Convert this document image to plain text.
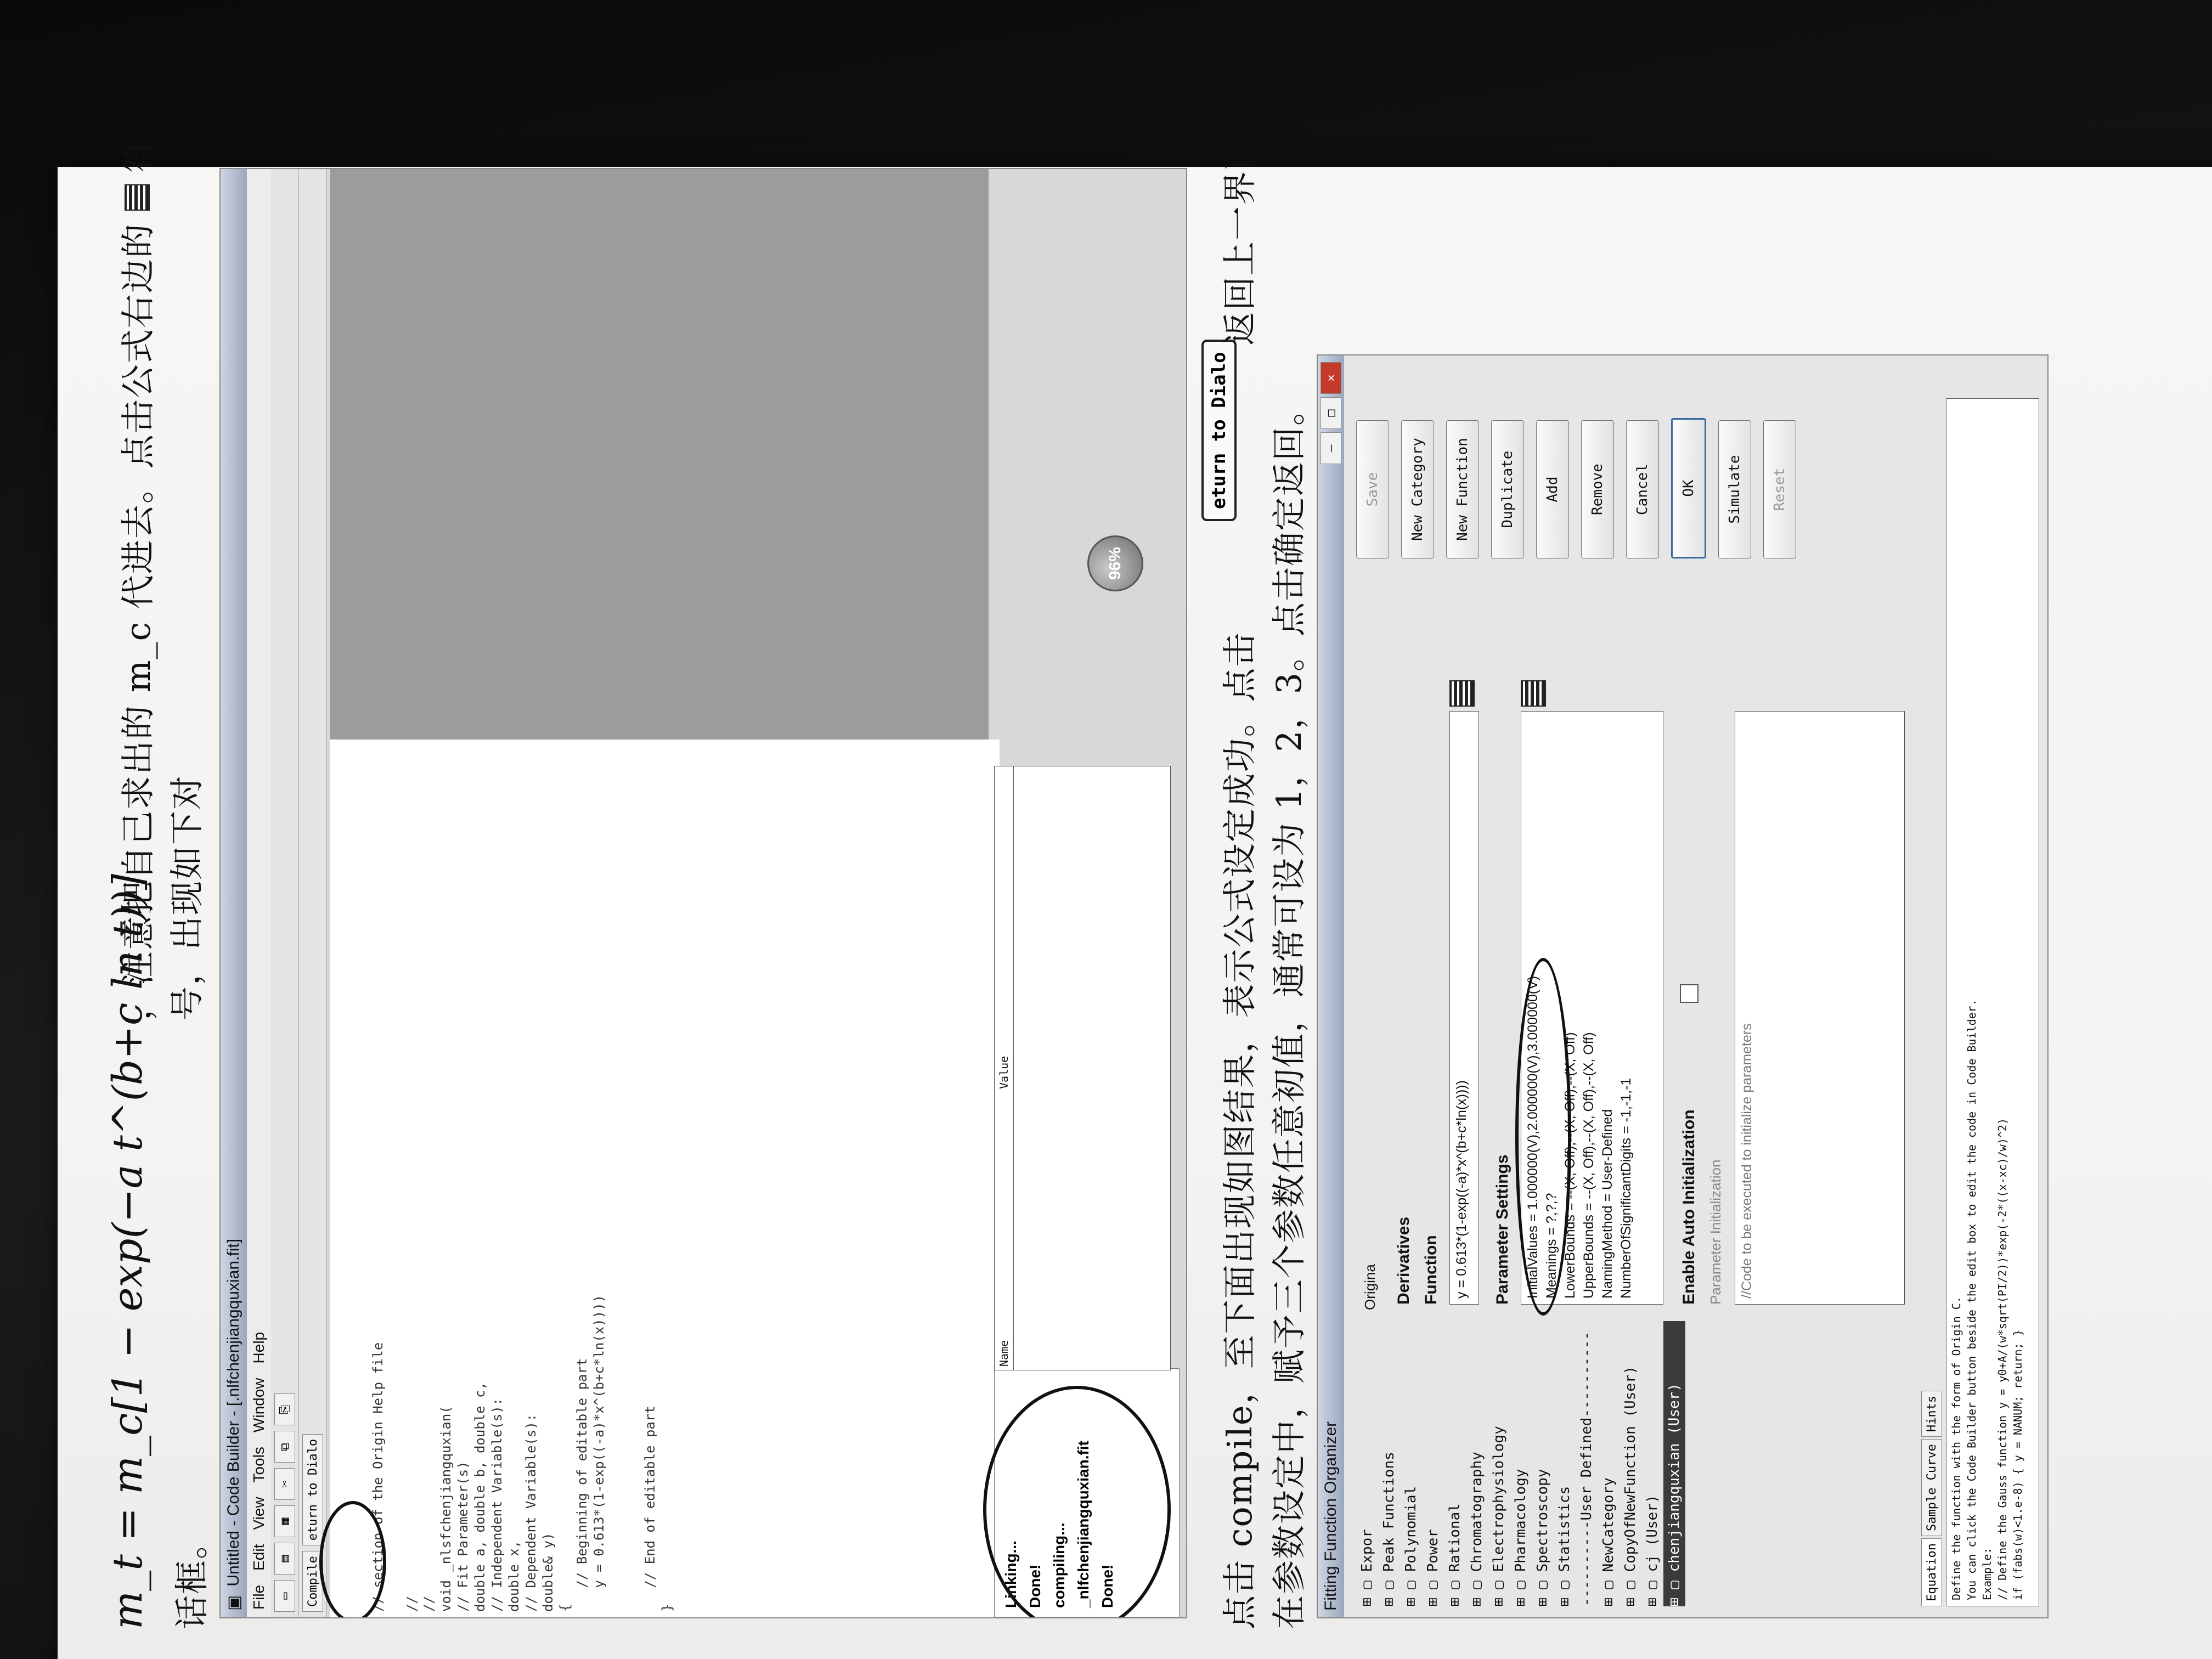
m_t = m_c[1 − exp(−a t^(b+c ln t))]
，注意把自己求出的 m_c 代进去。点击公式右边的  符号，出现如下对
话框。 ▣
Untitled - Code Builder - [.nlfchenjiangquxian.fit]
File
Edit
View
Tools
Window
Help
▭
▤
▦
✂
⧉
⎘
Compile
eturn to Dialo

	// section of the Origin Help file
// // void _nlsfchenjiangquxian( // Fit Parameter(s) double a, double b, double c, // Independent Variable(s): double x, // Dependent Variable(s): double& y) { // Beginning of editable part y = 0.613*(1-exp((-a)*x^(b+c*ln(x))))

	// End of editable part }

	Linking... Done! compiling... _nlfchenjiangquxian.fit Done!
Name
Value
96%
点击 compile，至下面出现如图结果，表示公式设定成功。点击
eturn to Dialo
返回上一界面 。
在参数设定中，赋予三个参数任意初值，通常可设为 1，2，3。点击确定返回。 Fitting Function Organizer
–
□
✕
⊞ ▢ Expor ⊞ ▢ Peak Functions ⊞ ▢ Polynomial ⊞ ▢ Power ⊞ ▢ Rational ⊞ ▢ Chromatography ⊞ ▢ Electrophysiology ⊞ ▢ Pharmacology ⊞ ▢ Spectroscopy ⊞ ▢ Statistics ----------User Defined---------- ⊞ ▢ NewCategory ⊞ ▢ CopyOfNewFunction (User) ⊞ ▢ cj (User) ⊞ ▢ chenjiangquxian (User)
Origina Derivatives Function	y = 0.613*(1-exp((-a)*x^(b+c*ln(x))))	Parameter Settings InitialValues = 1.000000(V),2.000000(V),3.000000(V) Meanings = ?,?,? LowerBounds = --(X, Off),--(X, Off),--(X, Off) UpperBounds = --(X, Off),--(X, Off),--(X, Off) NamingMethod = User-Defined NumberOfSignificantDigits = -1,-1,-1	Enable Auto Initialization Parameter Initialization	//Code to be executed to initialize parameters
Save	New Category	New Function	Duplicate	Add	Remove	Cancel	OK	Simulate	Reset
Equation
Sample Curve
Hints	Define the function with the form of Origin C. You can click the Code Builder button beside the edit box to edit the code in Code Builder. Example: // Define the Gauss function y = y0+A/(w*sqrt(PI/2))*exp(-2*((x-xc)/w)^2) if (fabs(w)<1.e-8) { y = NANUM; return; }
